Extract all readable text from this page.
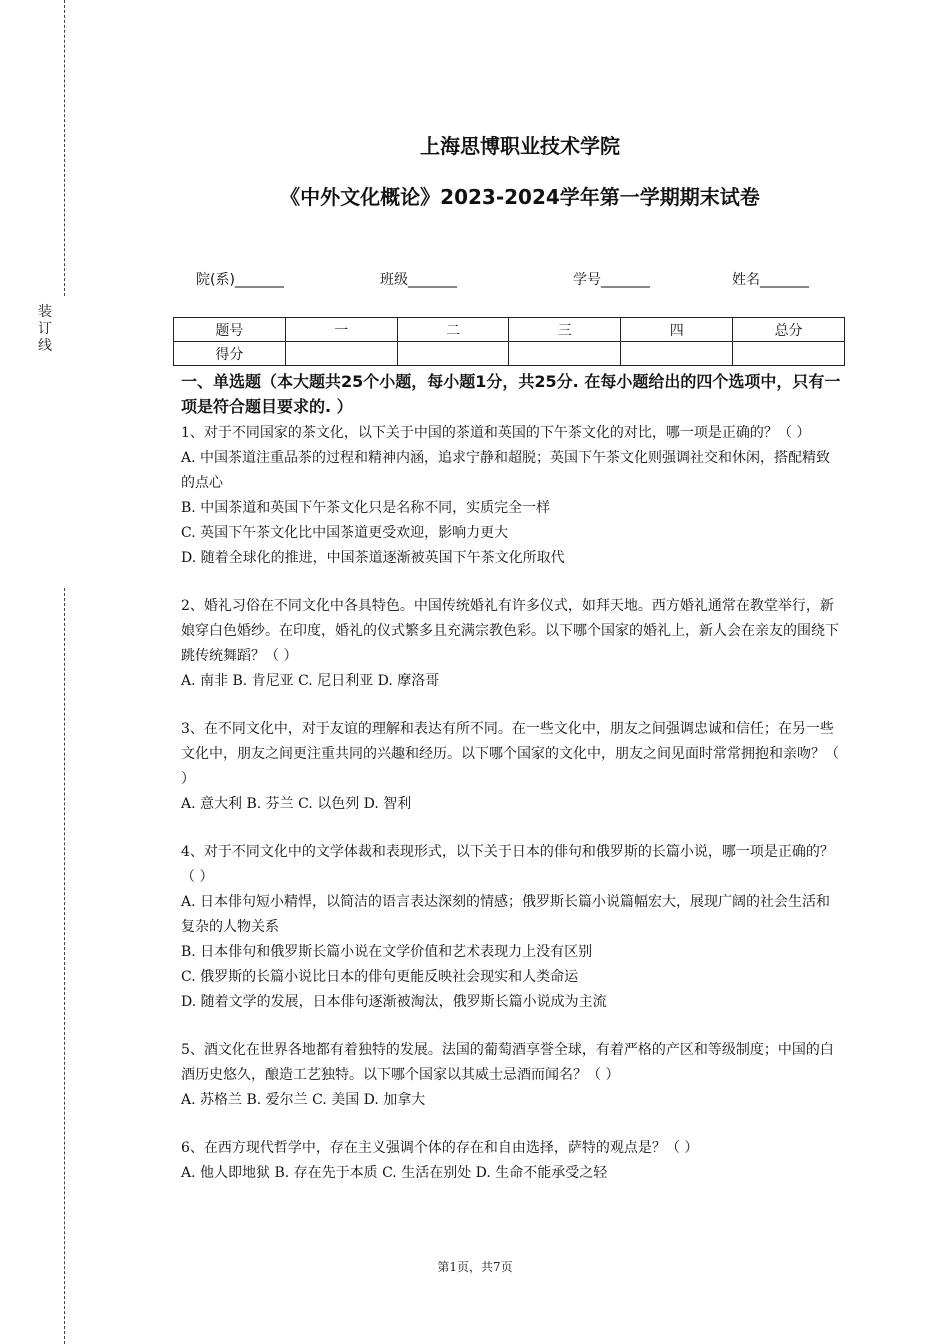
装
订
线
上海思博职业技术学院
《中外文化概论》2023-2024学年第一学期期末试卷
院(系)_______	班级_______	学号_______	姓名_______
题号	一	二	三	四	总分
得分					
一、单选题（本大题共25个小题，每小题1分，共25分. 在每小题给出的四个选项中，只有一项是符合题目要求的. ）

1、对于不同国家的茶文化，以下关于中国的茶道和英国的下午茶文化的对比，哪一项是正确的？（ ）

A. 中国茶道注重品茶的过程和精神内涵，追求宁静和超脱；英国下午茶文化则强调社交和休闲，搭配精致的点心

B. 中国茶道和英国下午茶文化只是名称不同，实质完全一样

C. 英国下午茶文化比中国茶道更受欢迎，影响力更大

D. 随着全球化的推进，中国茶道逐渐被英国下午茶文化所取代

2、婚礼习俗在不同文化中各具特色。中国传统婚礼有许多仪式，如拜天地。西方婚礼通常在教堂举行，新娘穿白色婚纱。在印度，婚礼的仪式繁多且充满宗教色彩。以下哪个国家的婚礼上，新人会在亲友的围绕下跳传统舞蹈？（ ）

A. 南非 B. 肯尼亚 C. 尼日利亚 D. 摩洛哥

3、在不同文化中，对于友谊的理解和表达有所不同。在一些文化中，朋友之间强调忠诚和信任；在另一些文化中，朋友之间更注重共同的兴趣和经历。以下哪个国家的文化中，朋友之间见面时常常拥抱和亲吻？（ ）

A. 意大利 B. 芬兰 C. 以色列 D. 智利

4、对于不同文化中的文学体裁和表现形式，以下关于日本的俳句和俄罗斯的长篇小说，哪一项是正确的？（ ）

A. 日本俳句短小精悍，以简洁的语言表达深刻的情感；俄罗斯长篇小说篇幅宏大，展现广阔的社会生活和复杂的人物关系

B. 日本俳句和俄罗斯长篇小说在文学价值和艺术表现力上没有区别

C. 俄罗斯的长篇小说比日本的俳句更能反映社会现实和人类命运

D. 随着文学的发展，日本俳句逐渐被淘汰，俄罗斯长篇小说成为主流

5、酒文化在世界各地都有着独特的发展。法国的葡萄酒享誉全球，有着严格的产区和等级制度；中国的白酒历史悠久，酿造工艺独特。以下哪个国家以其威士忌酒而闻名？（ ）

A. 苏格兰 B. 爱尔兰 C. 美国 D. 加拿大

6、在西方现代哲学中，存在主义强调个体的存在和自由选择，萨特的观点是？（ ）

A. 他人即地狱 B. 存在先于本质 C. 生活在别处 D. 生命不能承受之轻

第1页，共7页
